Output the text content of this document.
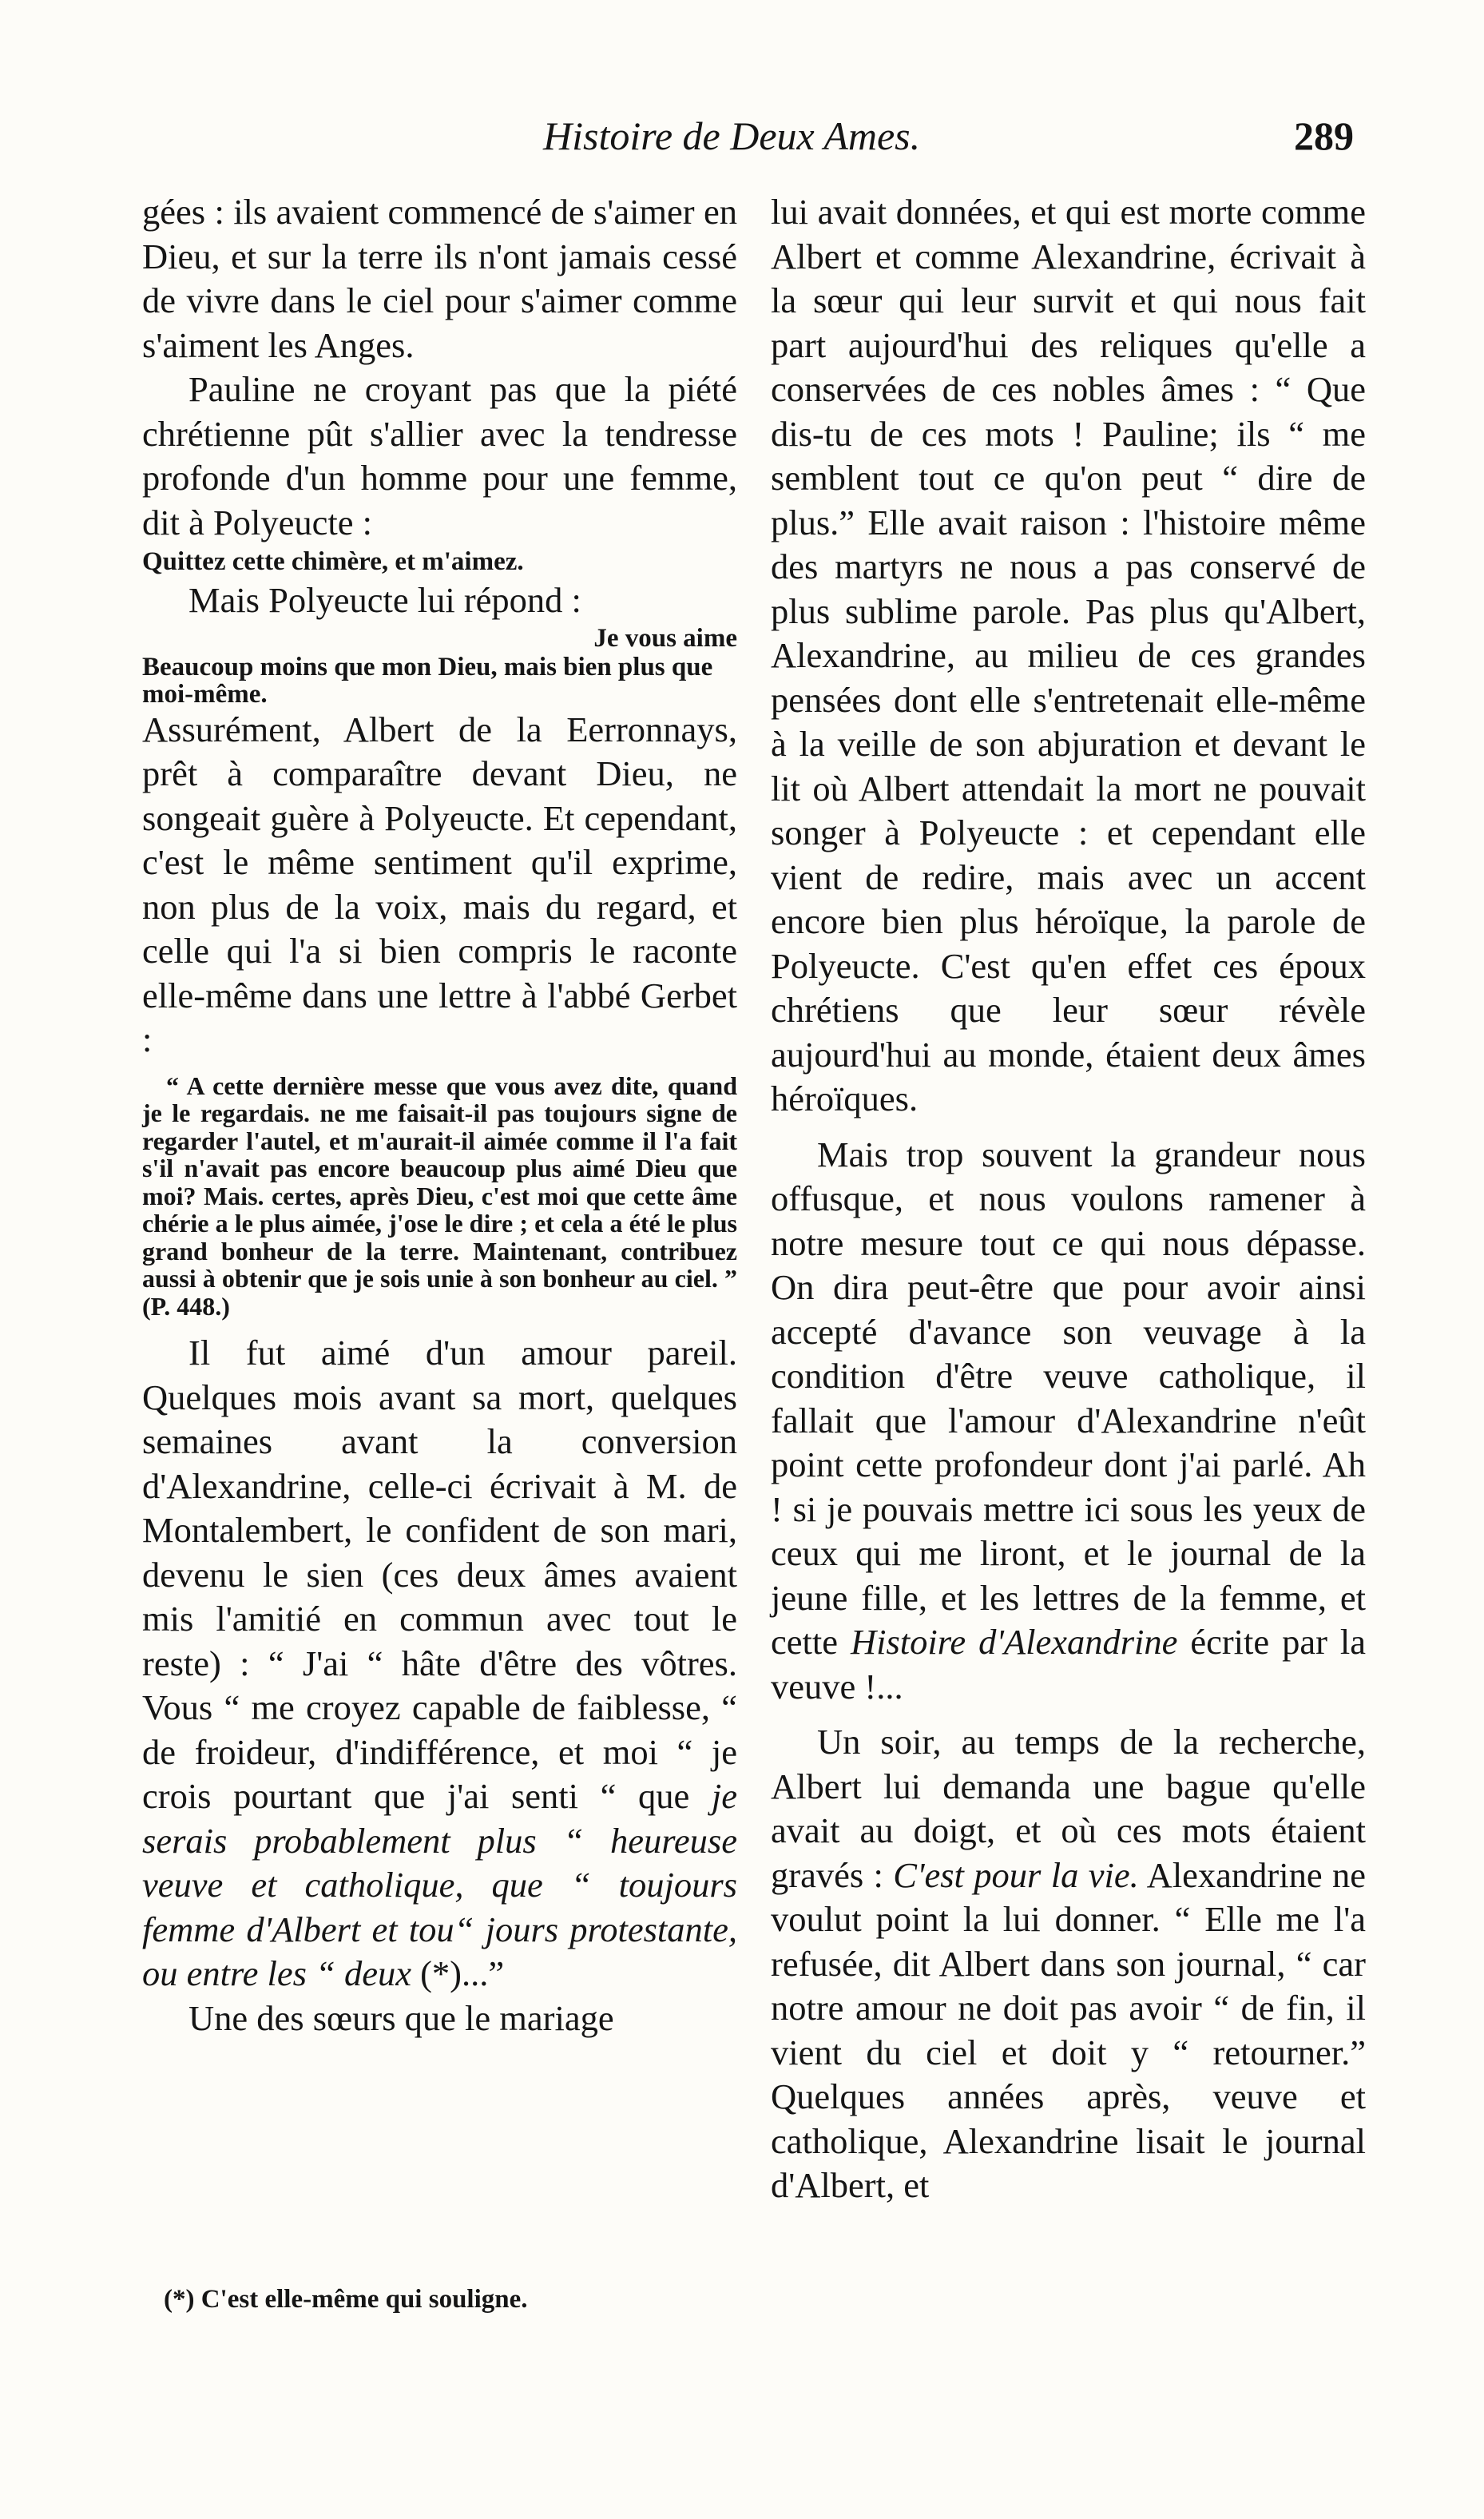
Histoire de Deux Ames.	289

gées : ils avaient commencé de s'aimer en Dieu, et sur la terre ils n'ont jamais cessé de vivre dans le ciel pour s'aimer comme s'aiment les Anges.

Pauline ne croyant pas que la piété chrétienne pût s'allier avec la tendresse profonde d'un homme pour une femme, dit à Polyeucte :

Quittez cette chimère, et m'aimez.

Mais Polyeucte lui répond :

Je vous aime

Beaucoup moins que mon Dieu, mais bien plus que moi-même.

Assurément, Albert de la Eerronnays, prêt à comparaître devant Dieu, ne songeait guère à Polyeucte. Et cependant, c'est le même sentiment qu'il exprime, non plus de la voix, mais du regard, et celle qui l'a si bien compris le raconte elle-même dans une lettre à l'abbé Gerbet :

“ A cette dernière messe que vous avez dite, quand je le regardais. ne me faisait-il pas toujours signe de regarder l'autel, et m'aurait-il aimée comme il l'a fait s'il n'avait pas encore beaucoup plus aimé Dieu que moi? Mais. certes, après Dieu, c'est moi que cette âme chérie a le plus aimée, j'ose le dire ; et cela a été le plus grand bonheur de la terre. Maintenant, contribuez aussi à obtenir que je sois unie à son bonheur au ciel. ” (P. 448.)

Il fut aimé d'un amour pareil. Quelques mois avant sa mort, quelques semaines avant la conversion d'Alexandrine, celle-ci écrivait à M. de Montalembert, le confident de son mari, devenu le sien (ces deux âmes avaient mis l'amitié en commun avec tout le reste) : “ J'ai “ hâte d'être des vôtres. Vous “ me croyez capable de faiblesse, “ de froideur, d'indifférence, et moi “ je crois pourtant que j'ai senti “ que je serais probablement plus “ heureuse veuve et catholique, que “ toujours femme d'Albert et tou“ jours protestante, ou entre les “ deux (*)...”

Une des sœurs que le mariage

lui avait données, et qui est morte comme Albert et comme Alexandrine, écrivait à la sœur qui leur survit et qui nous fait part aujourd'hui des reliques qu'elle a conservées de ces nobles âmes : “ Que dis-tu de ces mots ! Pauline; ils “ me semblent tout ce qu'on peut “ dire de plus.” Elle avait raison : l'histoire même des martyrs ne nous a pas conservé de plus sublime parole. Pas plus qu'Albert, Alexandrine, au milieu de ces grandes pensées dont elle s'entretenait elle-même à la veille de son abjuration et devant le lit où Albert attendait la mort ne pouvait songer à Polyeucte : et cependant elle vient de redire, mais avec un accent encore bien plus héroïque, la parole de Polyeucte. C'est qu'en effet ces époux chrétiens que leur sœur révèle aujourd'hui au monde, étaient deux âmes héroïques.

Mais trop souvent la grandeur nous offusque, et nous voulons ramener à notre mesure tout ce qui nous dépasse. On dira peut-être que pour avoir ainsi accepté d'avance son veuvage à la condition d'être veuve catholique, il fallait que l'amour d'Alexandrine n'eût point cette profondeur dont j'ai parlé. Ah ! si je pouvais mettre ici sous les yeux de ceux qui me liront, et le journal de la jeune fille, et les lettres de la femme, et cette Histoire d'Alexandrine écrite par la veuve !...

Un soir, au temps de la recherche, Albert lui demanda une bague qu'elle avait au doigt, et où ces mots étaient gravés : C'est pour la vie. Alexandrine ne voulut point la lui donner. “ Elle me l'a refusée, dit Albert dans son journal, “ car notre amour ne doit pas avoir “ de fin, il vient du ciel et doit y “ retourner.” Quelques années après, veuve et catholique, Alexandrine lisait le journal d'Albert, et

(*) C'est elle-même qui souligne.
